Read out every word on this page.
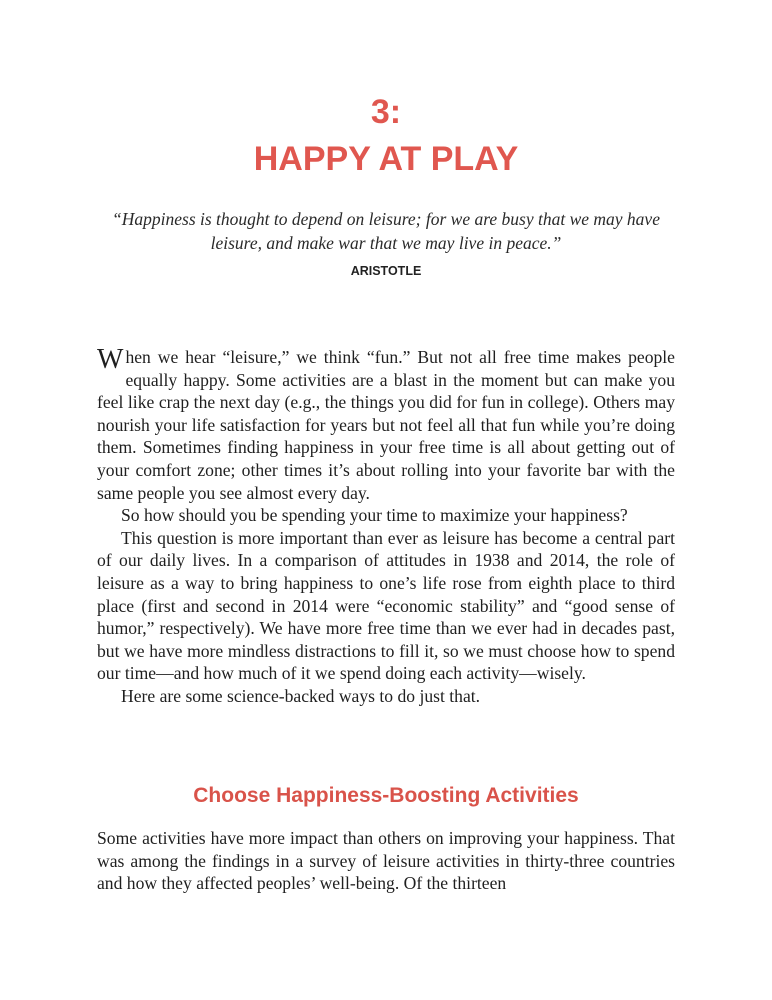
3:
HAPPY AT PLAY
“Happiness is thought to depend on leisure; for we are busy that we may have leisure, and make war that we may live in peace.”
ARISTOTLE

When we hear “leisure,” we think “fun.” But not all free time makes people equally happy. Some activities are a blast in the moment but can make you feel like crap the next day (e.g., the things you did for fun in college). Others may nourish your life satisfaction for years but not feel all that fun while you’re doing them. Sometimes finding happiness in your free time is all about getting out of your comfort zone; other times it’s about rolling into your favorite bar with the same people you see almost every day.

So how should you be spending your time to maximize your happiness?

This question is more important than ever as leisure has become a central part of our daily lives. In a comparison of attitudes in 1938 and 2014, the role of leisure as a way to bring happiness to one’s life rose from eighth place to third place (first and second in 2014 were “economic stability” and “good sense of humor,” respectively). We have more free time than we ever had in decades past, but we have more mindless distractions to fill it, so we must choose how to spend our time—and how much of it we spend doing each activity—wisely.

Here are some science-backed ways to do just that.

Choose Happiness-Boosting Activities

Some activities have more impact than others on improving your happiness. That was among the findings in a survey of leisure activities in thirty-three countries and how they affected peoples’ well-being. Of the thirteen
